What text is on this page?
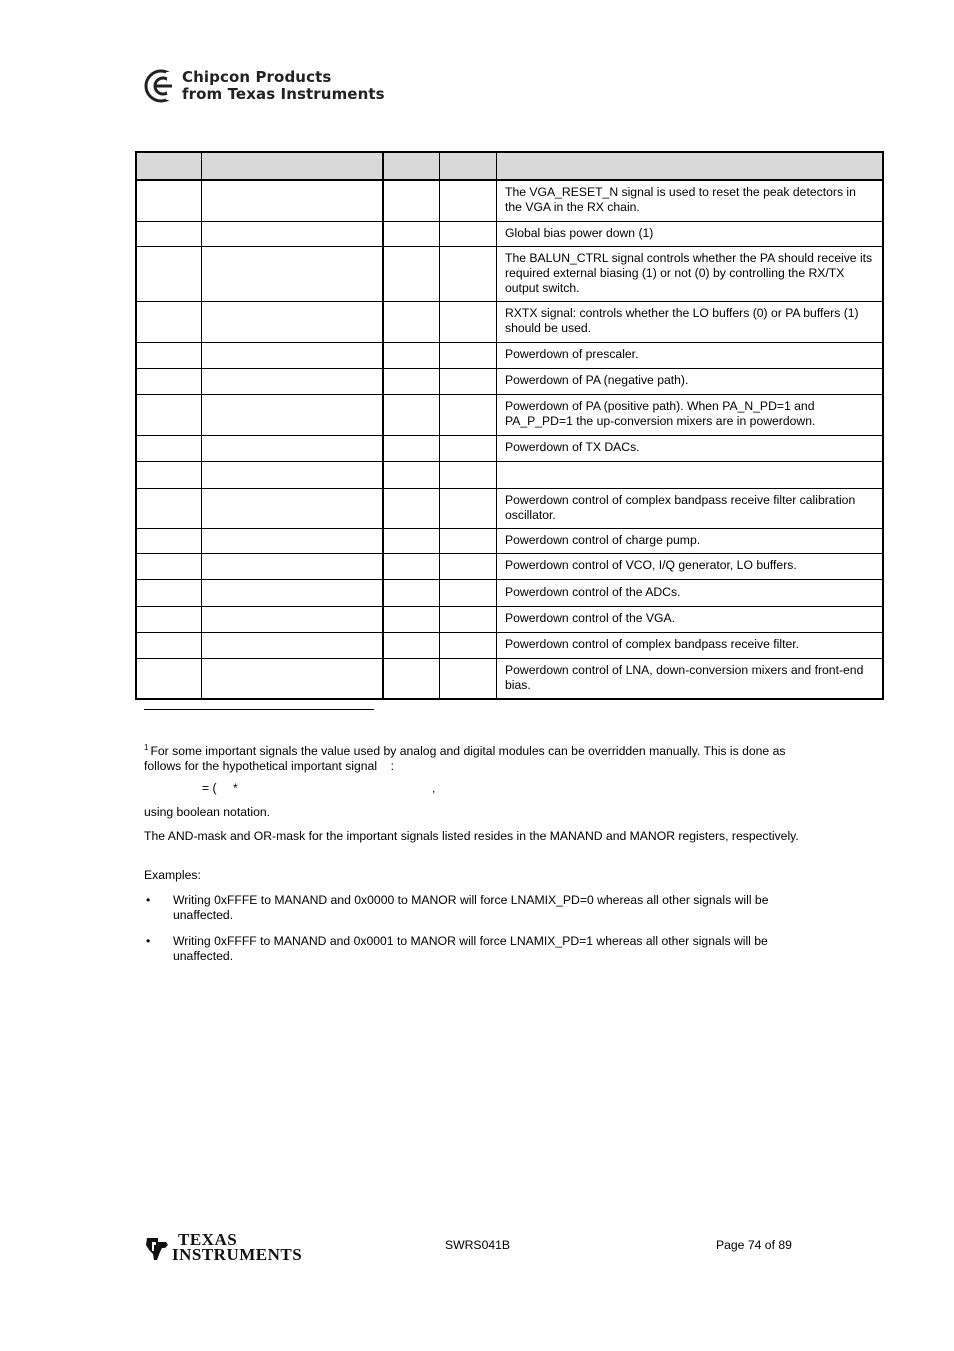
Chipcon Products
from Texas Instruments

				The VGA_RESET_N signal is used to reset the peak detectors in the VGA in the RX chain.
				Global bias power down (1)
				The BALUN_CTRL signal controls whether the PA should receive its required external biasing (1) or not (0) by controlling the RX/TX output switch.
				RXTX signal: controls whether the LO buffers (0) or PA buffers (1) should be used.
				Powerdown of prescaler.
				Powerdown of PA (negative path).
				Powerdown of PA (positive path). When PA_N_PD=1 and PA_P_PD=1 the up-conversion mixers are in powerdown.
				Powerdown of TX DACs.

				Powerdown control of complex bandpass receive filter calibration oscillator.
				Powerdown control of charge pump.
				Powerdown control of VCO, I/Q generator, LO buffers.
				Powerdown control of the ADCs.
				Powerdown control of the VGA.
				Powerdown control of complex bandpass receive filter.
				Powerdown control of LNA, down-conversion mixers and front-end bias.
$^1$ For some important signals the value used by analog and digital modules can be overridden manually. This is done as follows for the hypothetical important signal :
= ( *	,
using boolean notation.
The AND-mask and OR-mask for the important signals listed resides in the MANAND and MANOR registers, respectively.
Examples:
• Writing 0xFFFE to MANAND and 0x0000 to MANOR will force LNAMIX_PD=0 whereas all other signals will be unaffected.
• Writing 0xFFFF to MANAND and 0x0001 to MANOR will force LNAMIX_PD=1 whereas all other signals will be unaffected.
TEXAS
INSTRUMENTS	SWRS041B	Page 74 of 89
